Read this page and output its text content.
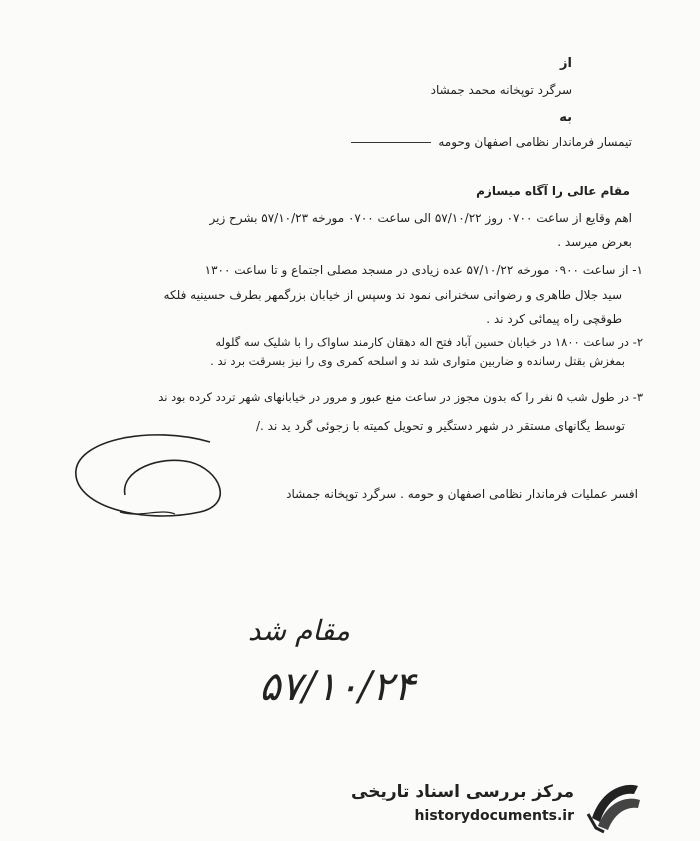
از
سرگرد توپخانه محمد جمشاد
به
تیمسار فرماندار نظامی اصفهان وحومه
مقام عالی را آگاه میسازم
اهم وقایع از ساعت ۰۷۰۰ روز ۵۷/۱۰/۲۲ الی ساعت ۰۷۰۰ مورخه ۵۷/۱۰/۲۳ بشرح زیر
بعرض میرسد .
۱- از ساعت ۰۹۰۰ مورخه ۵۷/۱۰/۲۲ عده زیادی در مسجد مصلی اجتماع و تا ساعت ۱۳۰۰
سید جلال طاهری و رضوانی سخنرانی نمود ند وسپس از خیابان بزرگمهر بطرف حسینیه فلکه
طوقچی راه پیمائی کرد ند .
۲- در ساعت ۱۸۰۰ در خیابان حسین آباد فتح اله دهقان کارمند ساواک را با شلیک سه گلوله
بمغزش بقتل رسانده و ضاربین متواری شد ند و اسلحه کمری وی را نیز بسرقت برد ند .
۳- در طول شب ۵ نفر را که بدون مجوز در ساعت منع عبور و مرور در خیابانهای شهر تردد کرده بود ند
توسط یگانهای مستقر در شهر دستگیر و تحویل کمیته با زجوئی گرد ید ند ./
افسر عملیات فرماندار نظامی اصفهان و حومه . سرگرد توپخانه جمشاد
مقام شد
۵۷/۱۰/۲۴
مرکز بررسی اسناد تاریخی
historydocuments.ir
